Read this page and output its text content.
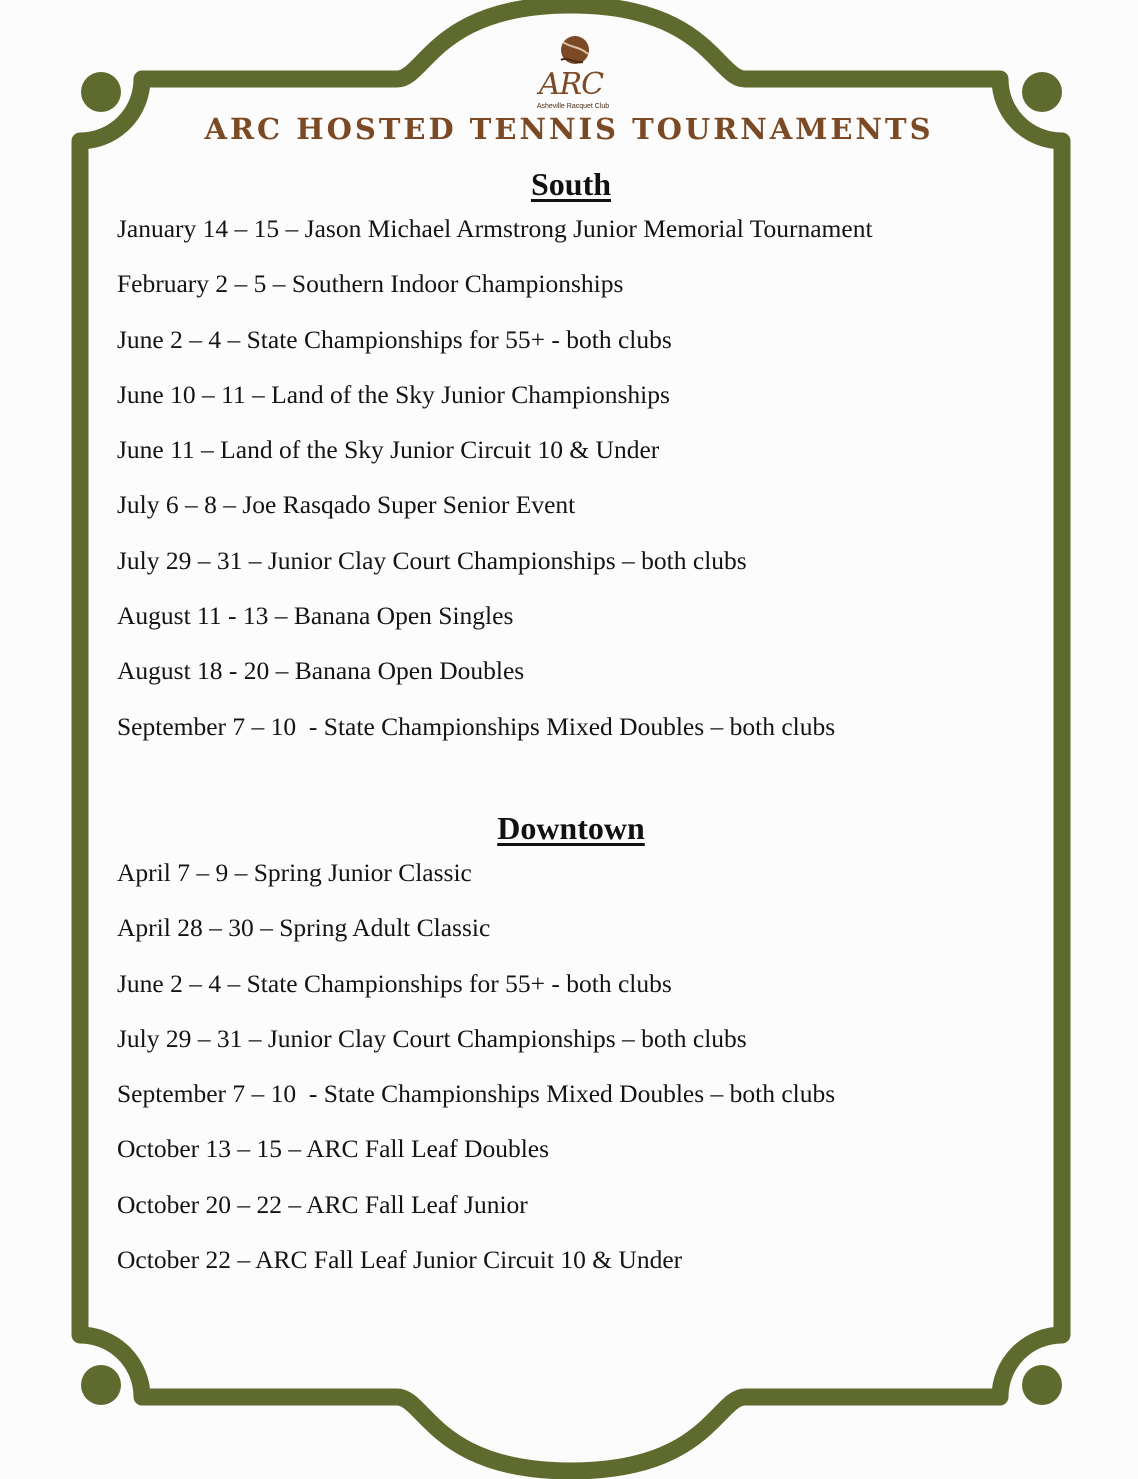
ARC
Asheville Racquet Club
ARC HOSTED TENNIS TOURNAMENTS
South
January 14 – 15 – Jason Michael Armstrong Junior Memorial Tournament
February 2 – 5 – Southern Indoor Championships
June 2 – 4 – State Championships for 55+ - both clubs
June 10 – 11 – Land of the Sky Junior Championships
June 11 – Land of the Sky Junior Circuit 10 & Under
July 6 – 8 – Joe Rasqado Super Senior Event
July 29 – 31 – Junior Clay Court Championships – both clubs
August 11 - 13 – Banana Open Singles
August 18 - 20 – Banana Open Doubles
September 7 – 10  - State Championships Mixed Doubles – both clubs
Downtown
April 7 – 9 – Spring Junior Classic
April 28 – 30 – Spring Adult Classic
June 2 – 4 – State Championships for 55+ - both clubs
July 29 – 31 – Junior Clay Court Championships – both clubs
September 7 – 10  - State Championships Mixed Doubles – both clubs
October 13 – 15 – ARC Fall Leaf Doubles
October 20 – 22 – ARC Fall Leaf Junior
October 22 – ARC Fall Leaf Junior Circuit 10 & Under
